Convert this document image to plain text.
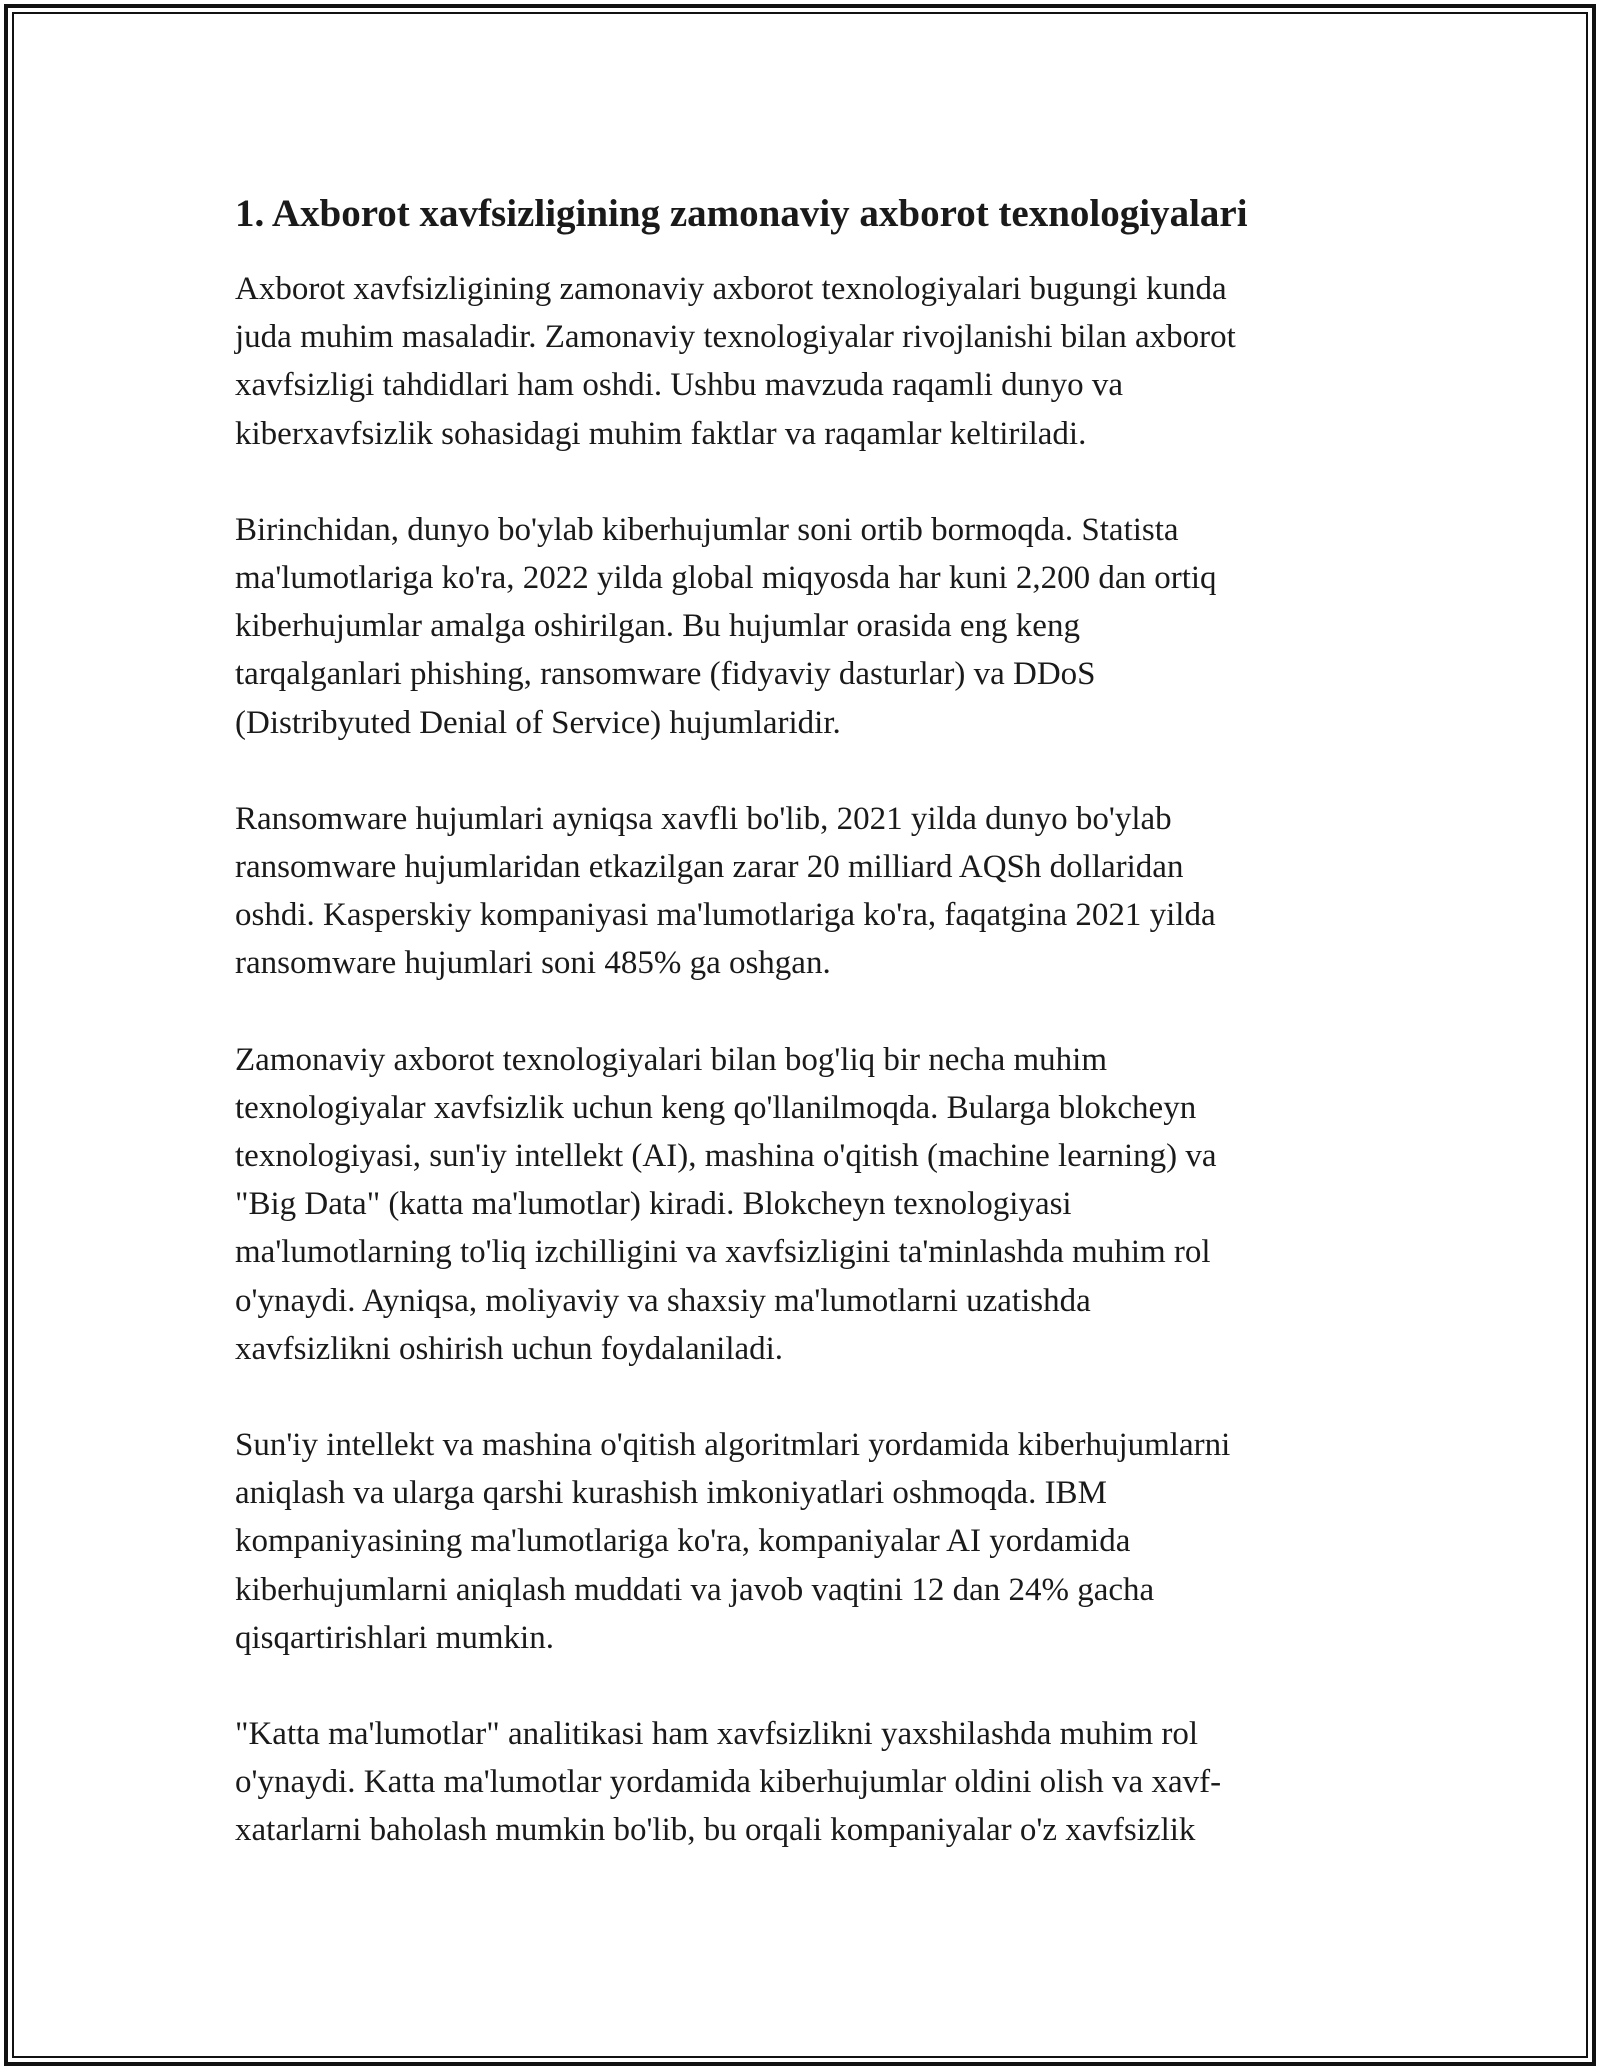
1. Axborot xavfsizligining zamonaviy axborot texnologiyalari

Axborot xavfsizligining zamonaviy axborot texnologiyalari bugungi kunda
juda muhim masaladir. Zamonaviy texnologiyalar rivojlanishi bilan axborot
xavfsizligi tahdidlari ham oshdi. Ushbu mavzuda raqamli dunyo va
kiberxavfsizlik sohasidagi muhim faktlar va raqamlar keltiriladi.

Birinchidan, dunyo bo'ylab kiberhujumlar soni ortib bormoqda. Statista
ma'lumotlariga ko'ra, 2022 yilda global miqyosda har kuni 2,200 dan ortiq
kiberhujumlar amalga oshirilgan. Bu hujumlar orasida eng keng
tarqalganlari phishing, ransomware (fidyaviy dasturlar) va DDoS
(Distribyuted Denial of Service) hujumlaridir.

Ransomware hujumlari ayniqsa xavfli bo'lib, 2021 yilda dunyo bo'ylab
ransomware hujumlaridan etkazilgan zarar 20 milliard AQSh dollaridan
oshdi. Kasperskiy kompaniyasi ma'lumotlariga ko'ra, faqatgina 2021 yilda
ransomware hujumlari soni 485% ga oshgan.

Zamonaviy axborot texnologiyalari bilan bog'liq bir necha muhim
texnologiyalar xavfsizlik uchun keng qo'llanilmoqda. Bularga blokcheyn
texnologiyasi, sun'iy intellekt (AI), mashina o'qitish (machine learning) va
"Big Data" (katta ma'lumotlar) kiradi. Blokcheyn texnologiyasi
ma'lumotlarning to'liq izchilligini va xavfsizligini ta'minlashda muhim rol
o'ynaydi. Ayniqsa, moliyaviy va shaxsiy ma'lumotlarni uzatishda
xavfsizlikni oshirish uchun foydalaniladi.

Sun'iy intellekt va mashina o'qitish algoritmlari yordamida kiberhujumlarni
aniqlash va ularga qarshi kurashish imkoniyatlari oshmoqda. IBM
kompaniyasining ma'lumotlariga ko'ra, kompaniyalar AI yordamida
kiberhujumlarni aniqlash muddati va javob vaqtini 12 dan 24% gacha
qisqartirishlari mumkin.

"Katta ma'lumotlar" analitikasi ham xavfsizlikni yaxshilashda muhim rol
o'ynaydi. Katta ma'lumotlar yordamida kiberhujumlar oldini olish va xavf-
xatarlarni baholash mumkin bo'lib, bu orqali kompaniyalar o'z xavfsizlik
